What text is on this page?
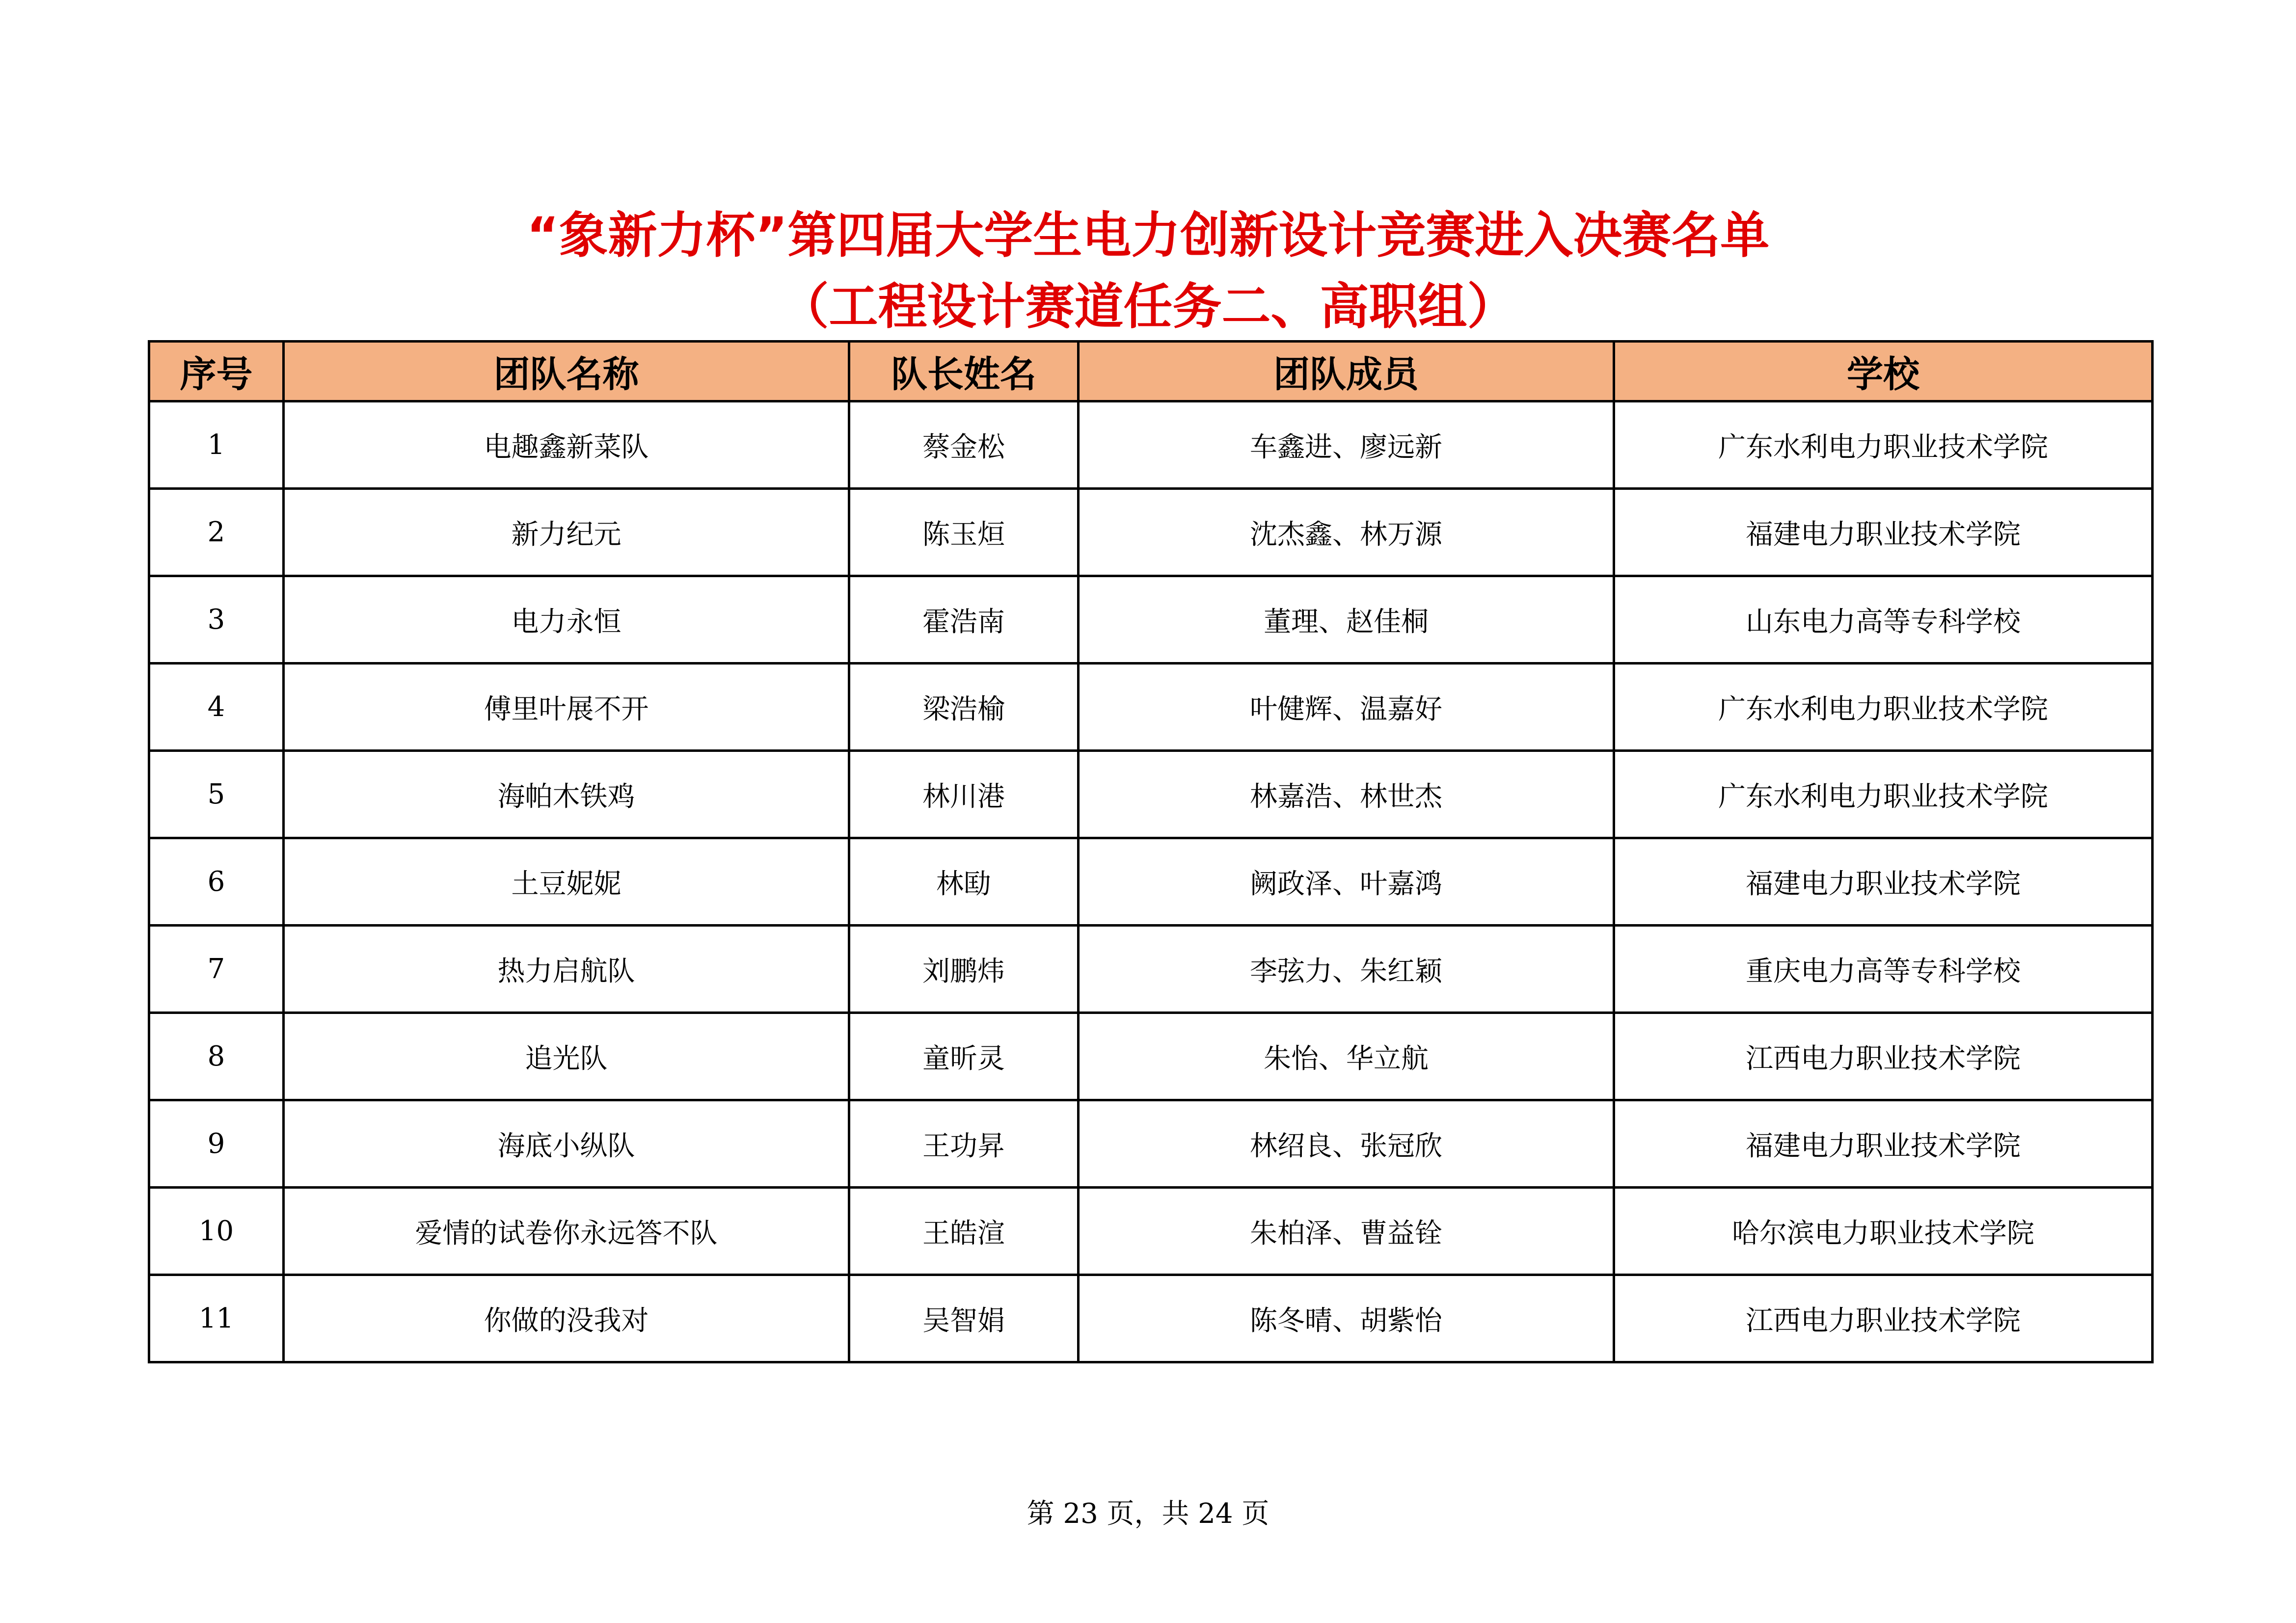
“象新力杯”第四届大学生电力创新设计竞赛进入决赛名单
（工程设计赛道任务二、高职组）
序号	团队名称	队长姓名	团队成员	学校
1	电趣鑫新菜队	蔡金松	车鑫进、廖远新	广东水利电力职业技术学院
2	新力纪元	陈玉烜	沈杰鑫、林万源	福建电力职业技术学院
3	电力永恒	霍浩南	董理、赵佳桐	山东电力高等专科学校
4	傅里叶展不开	梁浩榆	叶健辉、温嘉好	广东水利电力职业技术学院
5	海帕木铁鸡	林川港	林嘉浩、林世杰	广东水利电力职业技术学院
6	土豆妮妮	林劻	阙政泽、叶嘉鸿	福建电力职业技术学院
7	热力启航队	刘鹏炜	李弦力、朱红颖	重庆电力高等专科学校
8	追光队	童昕灵	朱怡、华立航	江西电力职业技术学院
9	海底小纵队	王功昇	林绍良、张冠欣	福建电力职业技术学院
10	爱情的试卷你永远答不队	王皓渲	朱柏泽、曹益铨	哈尔滨电力职业技术学院
11	你做的没我对	吴智娟	陈冬晴、胡紫怡	江西电力职业技术学院
第 23 页，共 24 页
